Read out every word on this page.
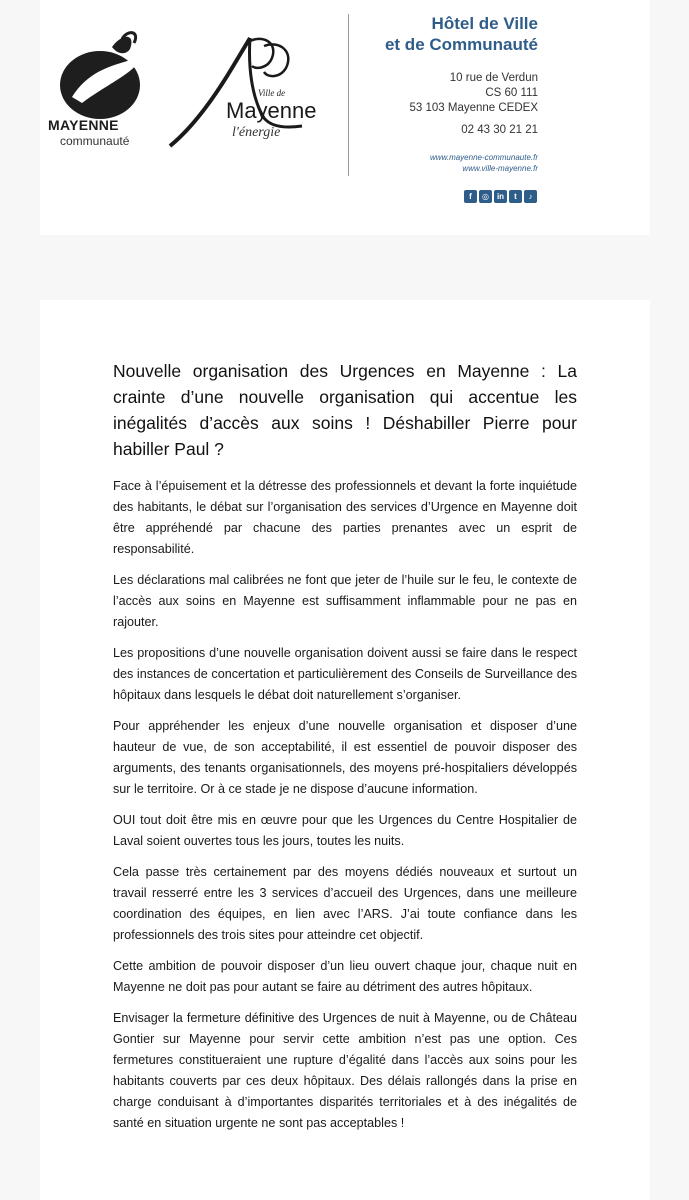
MAYENNE
communauté
Ville de
Mayenne
l'énergie
Hôtel de Ville
et de Communauté
10 rue de Verdun
CS 60 111
53 103 Mayenne CEDEX
02 43 30 21 21
www.mayenne-communaute.fr
www.ville-mayenne.fr
f	◎ in	t	♪
Nouvelle organisation des Urgences en Mayenne : La crainte d’une nouvelle organisation qui accentue les inégalités d’accès aux soins ! Déshabiller Pierre pour habiller Paul ?

Face à l’épuisement et la détresse des professionnels et devant la forte inquiétude des habitants, le débat sur l’organisation des services d’Urgence en Mayenne doit être appréhendé par chacune des parties prenantes avec un esprit de responsabilité.

Les déclarations mal calibrées ne font que jeter de l’huile sur le feu, le contexte de l’accès aux soins en Mayenne est suffisamment inflammable pour ne pas en rajouter.

Les propositions d’une nouvelle organisation doivent aussi se faire dans le respect des instances de concertation et particulièrement des Conseils de Surveillance des hôpitaux dans lesquels le débat doit naturellement s’organiser.

Pour appréhender les enjeux d’une nouvelle organisation et disposer d’une hauteur de vue, de son acceptabilité, il est essentiel de pouvoir disposer des arguments, des tenants organisationnels, des moyens pré-hospitaliers développés sur le territoire. Or à ce stade je ne dispose d’aucune information.

OUI tout doit être mis en œuvre pour que les Urgences du Centre Hospitalier de Laval soient ouvertes tous les jours, toutes les nuits.

Cela passe très certainement par des moyens dédiés nouveaux et surtout un travail resserré entre les 3 services d’accueil des Urgences, dans une meilleure coordination des équipes, en lien avec l’ARS. J’ai toute confiance dans les professionnels des trois sites pour atteindre cet objectif.

Cette ambition de pouvoir disposer d’un lieu ouvert chaque jour, chaque nuit en Mayenne ne doit pas pour autant se faire au détriment des autres hôpitaux.

Envisager la fermeture définitive des Urgences de nuit à Mayenne, ou de Château Gontier sur Mayenne pour servir cette ambition n’est pas une option. Ces fermetures constitueraient une rupture d’égalité dans l’accès aux soins pour les habitants couverts par ces deux hôpitaux. Des délais rallongés dans la prise en charge conduisant à d’importantes disparités territoriales et à des inégalités de santé en situation urgente ne sont pas acceptables !
